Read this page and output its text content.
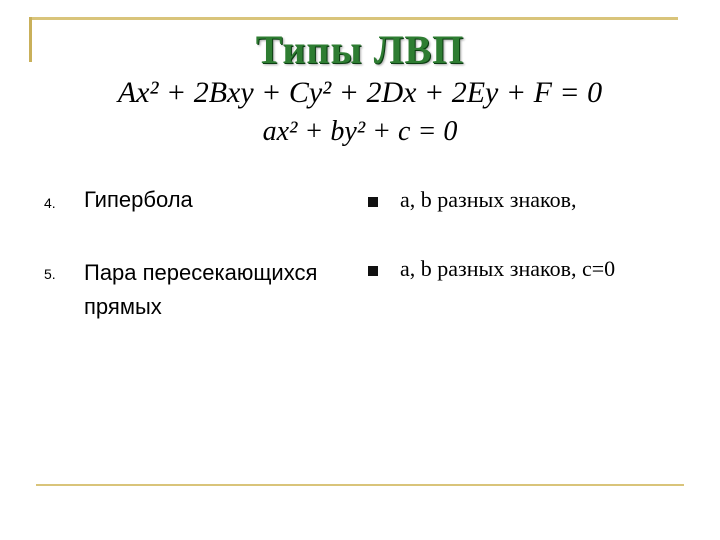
Типы ЛВП
Ax² + 2Bxy + Cy² + 2Dx + 2Ey + F = 0
ax² + by² + c = 0
4. Гипербола	a, b разных знаков,
5. Пара пересекающихся прямых
a, b разных знаков, c=0
